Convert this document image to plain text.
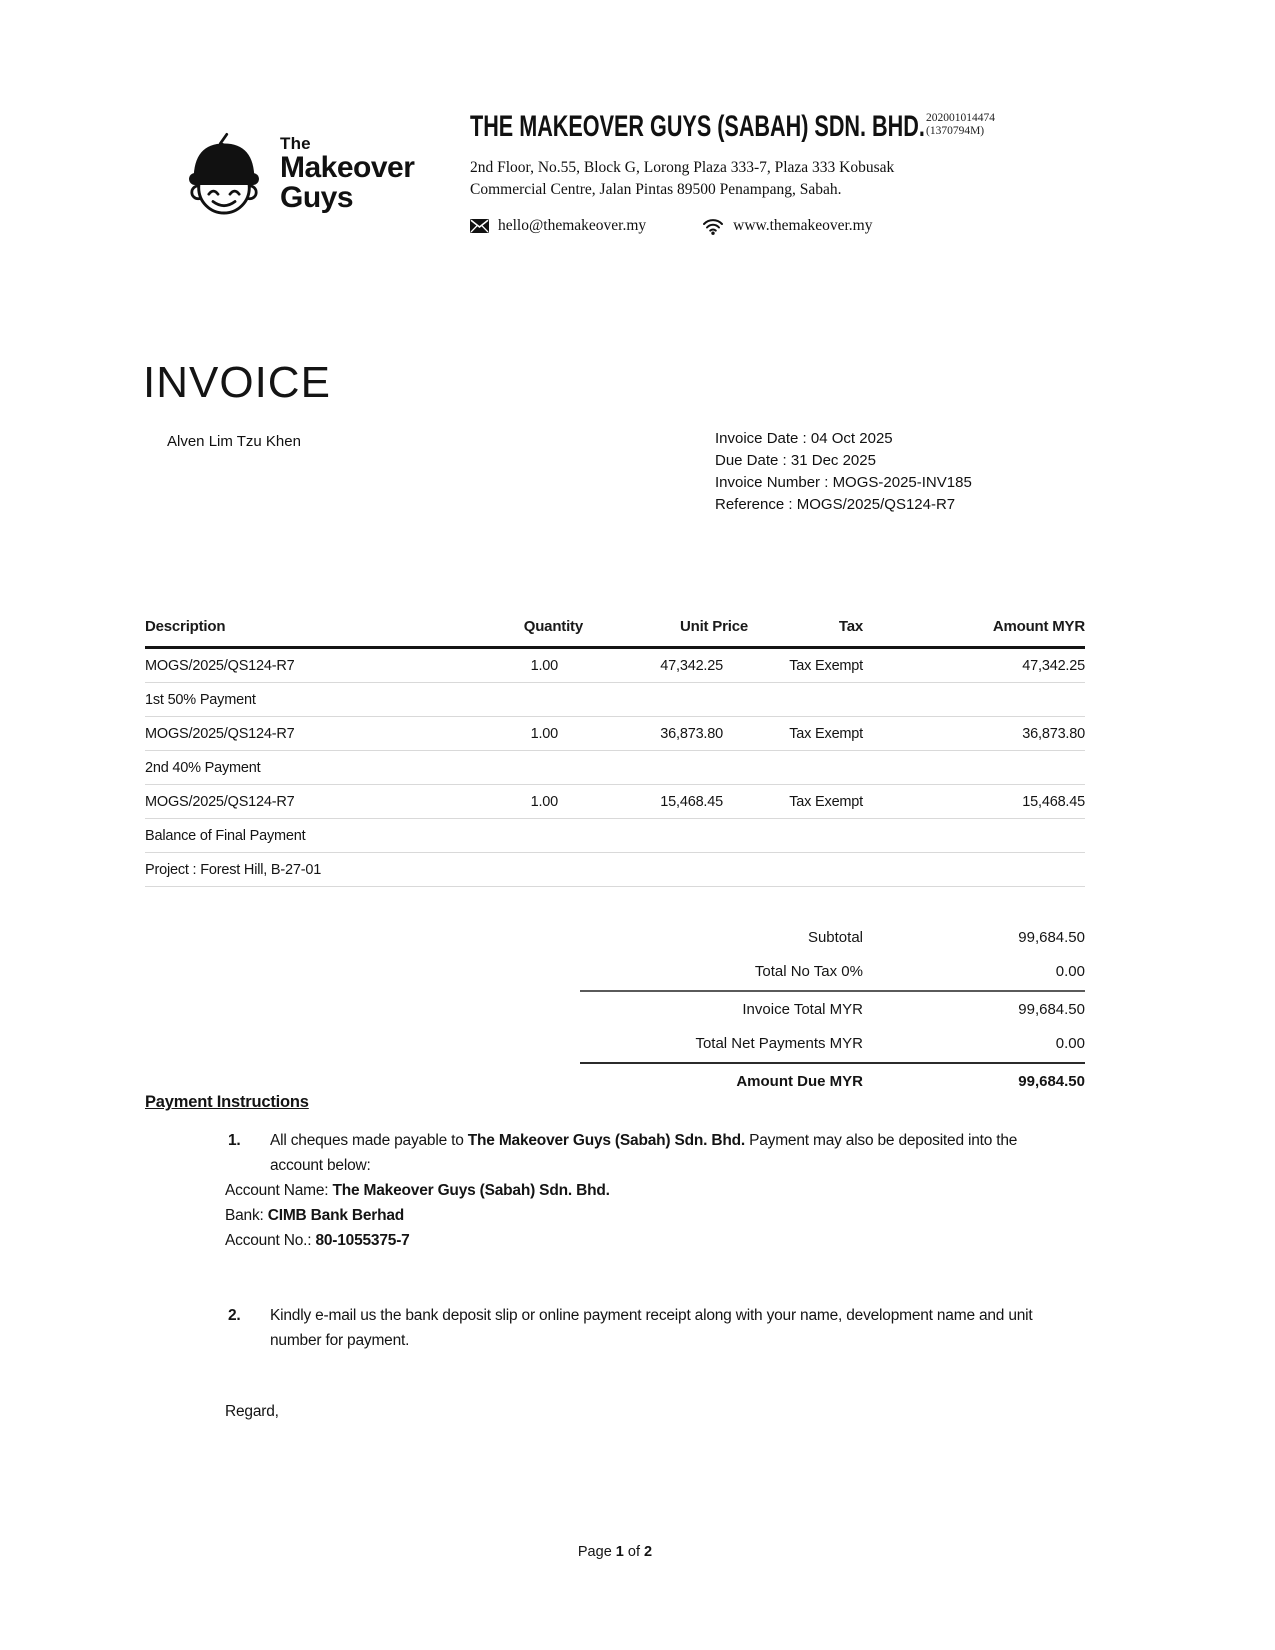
The
Makeover
Guys
THE MAKEOVER GUYS (SABAH) SDN. BHD. 202001014474
(1370794M)
2nd Floor, No.55, Block G, Lorong Plaza 333-7, Plaza 333 Kobusak
Commercial Centre, Jalan Pintas 89500 Penampang, Sabah.
hello@themakeover.my	www.themakeover.my
INVOICE
Alven Lim Tzu Khen	Invoice Date : 04 Oct 2025
Due Date : 31 Dec 2025
Invoice Number : MOGS-2025-INV185
Reference : MOGS/2025/QS124-R7
Description	Quantity	Unit Price	Tax	Amount MYR
MOGS/2025/QS124-R7	1.00	47,342.25	Tax Exempt	47,342.25
1st 50% Payment
MOGS/2025/QS124-R7	1.00	36,873.80	Tax Exempt	36,873.80
2nd 40% Payment
MOGS/2025/QS124-R7	1.00	15,468.45	Tax Exempt	15,468.45
Balance of Final Payment
Project : Forest Hill, B-27-01
Subtotal	99,684.50
Total No Tax 0%	0.00
Invoice Total MYR	99,684.50
Total Net Payments MYR	0.00
Amount Due MYR	99,684.50
Payment Instructions
1.	All cheques made payable to The Makeover Guys (Sabah) Sdn. Bhd. Payment may also be deposited into the account below:
Account Name: The Makeover Guys (Sabah) Sdn. Bhd.
Bank: CIMB Bank Berhad
Account No.: 80-1055375-7
2.	Kindly e-mail us the bank deposit slip or online payment receipt along with your name, development name and unit number for payment.
Regard,
Page 1 of 2
